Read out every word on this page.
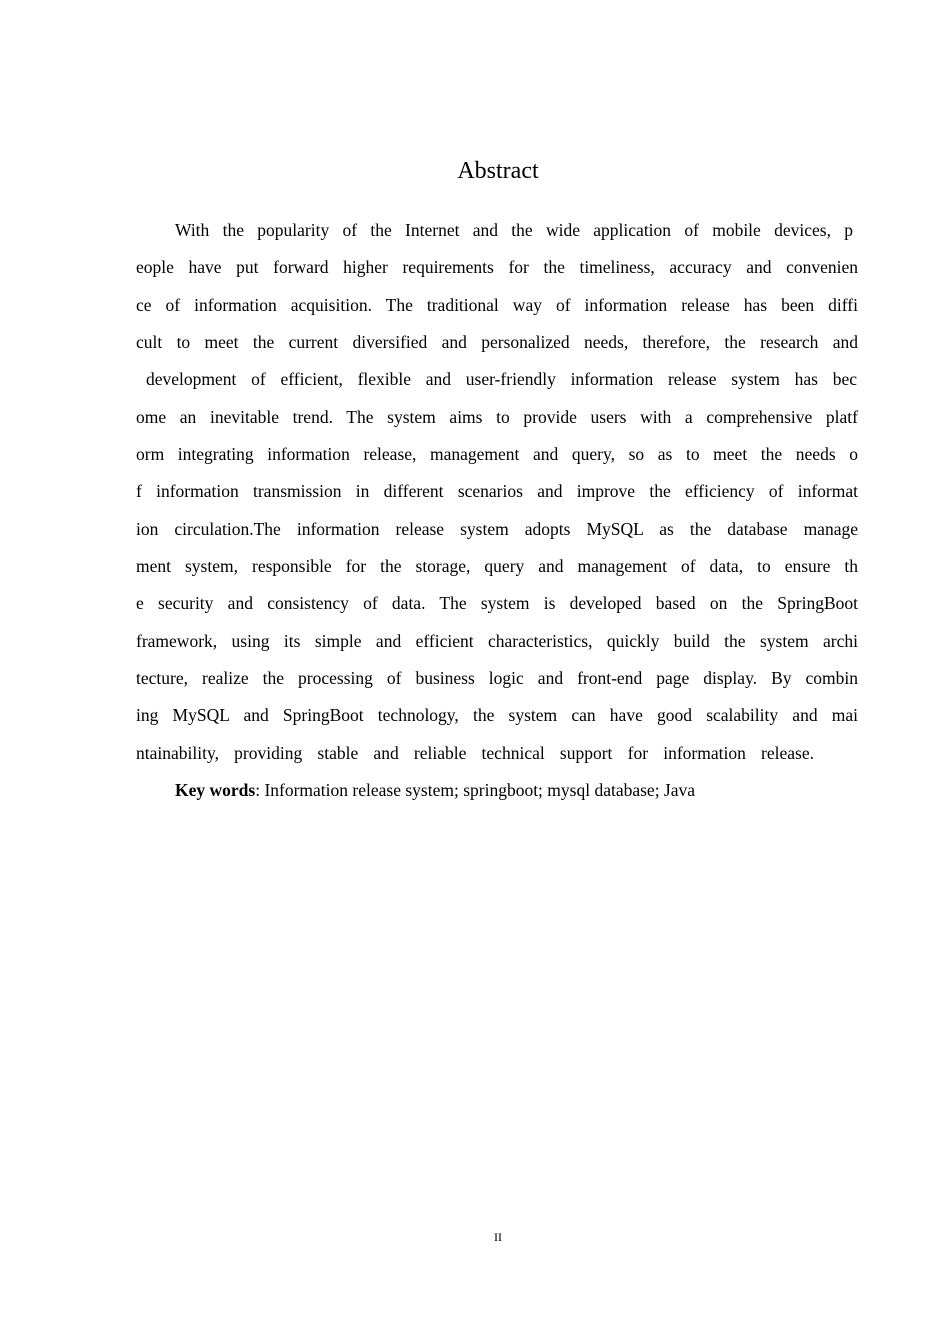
Abstract
With the popularity of the Internet and the wide application of mobile devices, p
eople have put forward higher requirements for the timeliness, accuracy and convenien
ce of information acquisition. The traditional way of information release has been diffi
cult to meet the current diversified and personalized needs, therefore, the research and
development of efficient, flexible and user-friendly information release system has bec
ome an inevitable trend. The system aims to provide users with a comprehensive platf
orm integrating information release, management and query, so as to meet the needs o
f information transmission in different scenarios and improve the efficiency of informat
ion circulation.The information release system adopts MySQL as the database manage
ment system, responsible for the storage, query and management of data, to ensure th
e security and consistency of data. The system is developed based on the SpringBoot
framework, using its simple and efficient characteristics, quickly build the system archi
tecture, realize the processing of business logic and front-end page display. By combin
ing MySQL and SpringBoot technology, the system can have good scalability and mai
ntainability, providing stable and reliable technical support for information release.
Key words: Information release system; springboot; mysql database; Java
II
